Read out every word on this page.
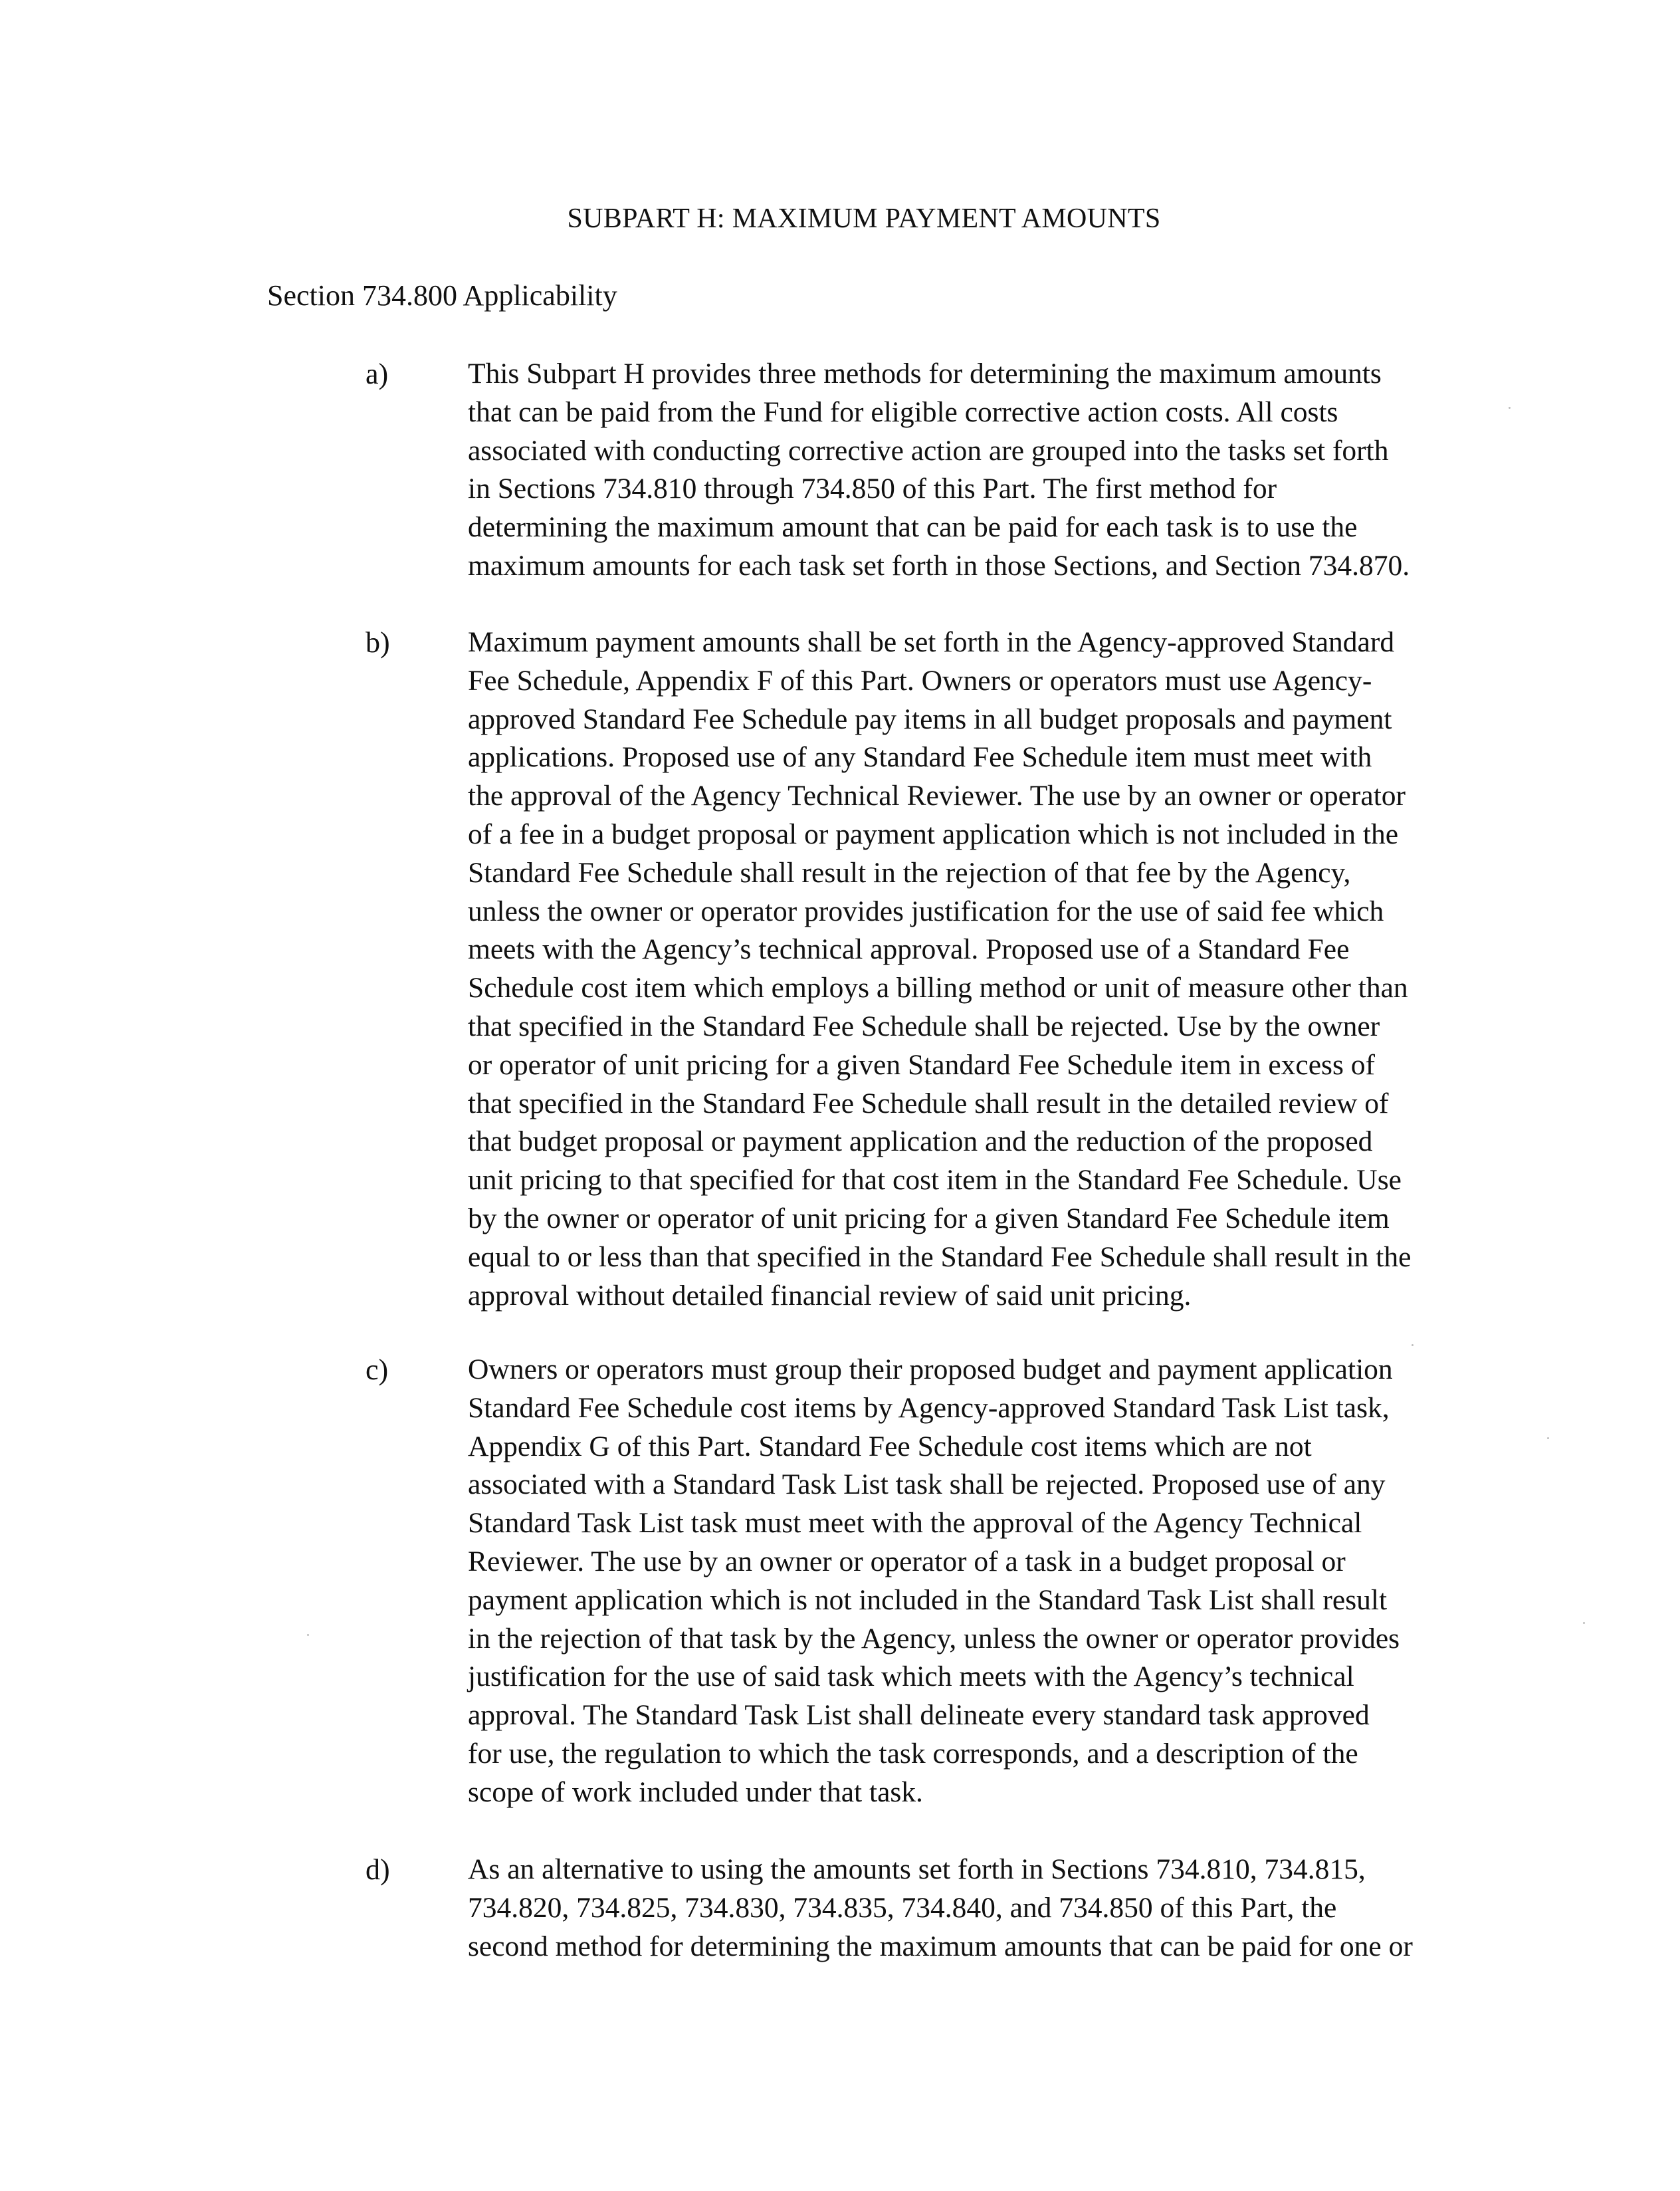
SUBPART H: MAXIMUM PAYMENT AMOUNTS
Section 734.800 Applicability
a)	This Subpart H provides three methods for determining the maximum amounts
that can be paid from the Fund for eligible corrective action costs. All costs
associated with conducting corrective action are grouped into the tasks set forth
in Sections 734.810 through 734.850 of this Part. The first method for
determining the maximum amount that can be paid for each task is to use the
maximum amounts for each task set forth in those Sections, and Section 734.870.

b)	Maximum payment amounts shall be set forth in the Agency-approved Standard
Fee Schedule, Appendix F of this Part. Owners or operators must use Agency-
approved Standard Fee Schedule pay items in all budget proposals and payment
applications. Proposed use of any Standard Fee Schedule item must meet with
the approval of the Agency Technical Reviewer. The use by an owner or operator
of a fee in a budget proposal or payment application which is not included in the
Standard Fee Schedule shall result in the rejection of that fee by the Agency,
unless the owner or operator provides justification for the use of said fee which
meets with the Agency’s technical approval. Proposed use of a Standard Fee
Schedule cost item which employs a billing method or unit of measure other than
that specified in the Standard Fee Schedule shall be rejected. Use by the owner
or operator of unit pricing for a given Standard Fee Schedule item in excess of
that specified in the Standard Fee Schedule shall result in the detailed review of
that budget proposal or payment application and the reduction of the proposed
unit pricing to that specified for that cost item in the Standard Fee Schedule. Use
by the owner or operator of unit pricing for a given Standard Fee Schedule item
equal to or less than that specified in the Standard Fee Schedule shall result in the
approval without detailed financial review of said unit pricing.

c)	Owners or operators must group their proposed budget and payment application
Standard Fee Schedule cost items by Agency-approved Standard Task List task,
Appendix G of this Part. Standard Fee Schedule cost items which are not
associated with a Standard Task List task shall be rejected. Proposed use of any
Standard Task List task must meet with the approval of the Agency Technical
Reviewer. The use by an owner or operator of a task in a budget proposal or
payment application which is not included in the Standard Task List shall result
in the rejection of that task by the Agency, unless the owner or operator provides
justification for the use of said task which meets with the Agency’s technical
approval. The Standard Task List shall delineate every standard task approved
for use, the regulation to which the task corresponds, and a description of the
scope of work included under that task.

d)	As an alternative to using the amounts set forth in Sections 734.810, 734.815,
734.820, 734.825, 734.830, 734.835, 734.840, and 734.850 of this Part, the
second method for determining the maximum amounts that can be paid for one or
